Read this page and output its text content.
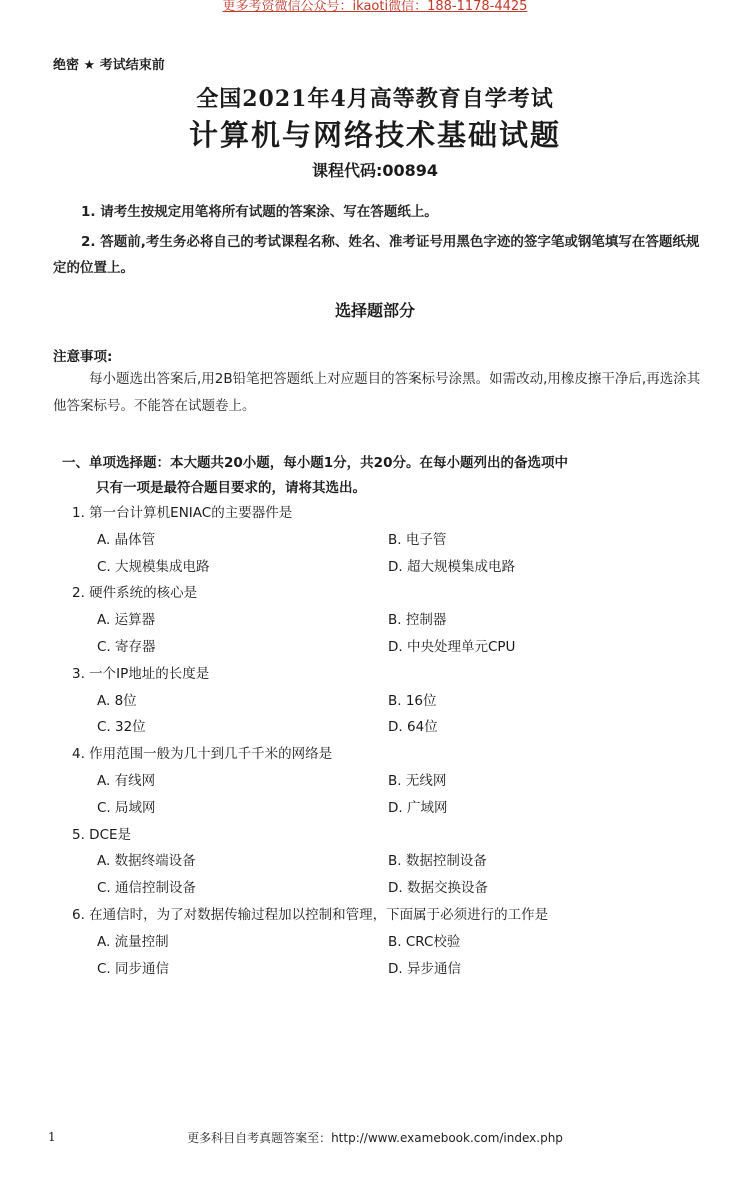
更多考资微信公众号：ikaoti微信：188-1178-4425
绝密 ★ 考试结束前
全国2021年4月高等教育自学考试
计算机与网络技术基础试题
课程代码:00894
1. 请考生按规定用笔将所有试题的答案涂、写在答题纸上。
2. 答题前,考生务必将自己的考试课程名称、姓名、准考证号用黑色字迹的签字笔或钢笔填写在答题纸规定的位置上。
选择题部分
注意事项:
每小题选出答案后,用2B铅笔把答题纸上对应题目的答案标号涂黑。如需改动,用橡皮擦干净后,再选涂其他答案标号。不能答在试题卷上。
一、单项选择题：本大题共20小题，每小题1分，共20分。在每小题列出的备选项中
只有一项是最符合题目要求的，请将其选出。
1. 第一台计算机ENIAC的主要器件是
A. 晶体管	B. 电子管
C. 大规模集成电路	D. 超大规模集成电路
2. 硬件系统的核心是
A. 运算器	B. 控制器
C. 寄存器	D. 中央处理单元CPU
3. 一个IP地址的长度是
A. 8位	B. 16位
C. 32位	D. 64位
4. 作用范围一般为几十到几千千米的网络是
A. 有线网	B. 无线网
C. 局域网	D. 广域网
5. DCE是
A. 数据终端设备	B. 数据控制设备
C. 通信控制设备	D. 数据交换设备
6. 在通信时，为了对数据传输过程加以控制和管理，下面属于必须进行的工作是
A. 流量控制	B. CRC校验
C. 同步通信	D. 异步通信
1	更多科目自考真题答案至：http://www.examebook.com/index.php
